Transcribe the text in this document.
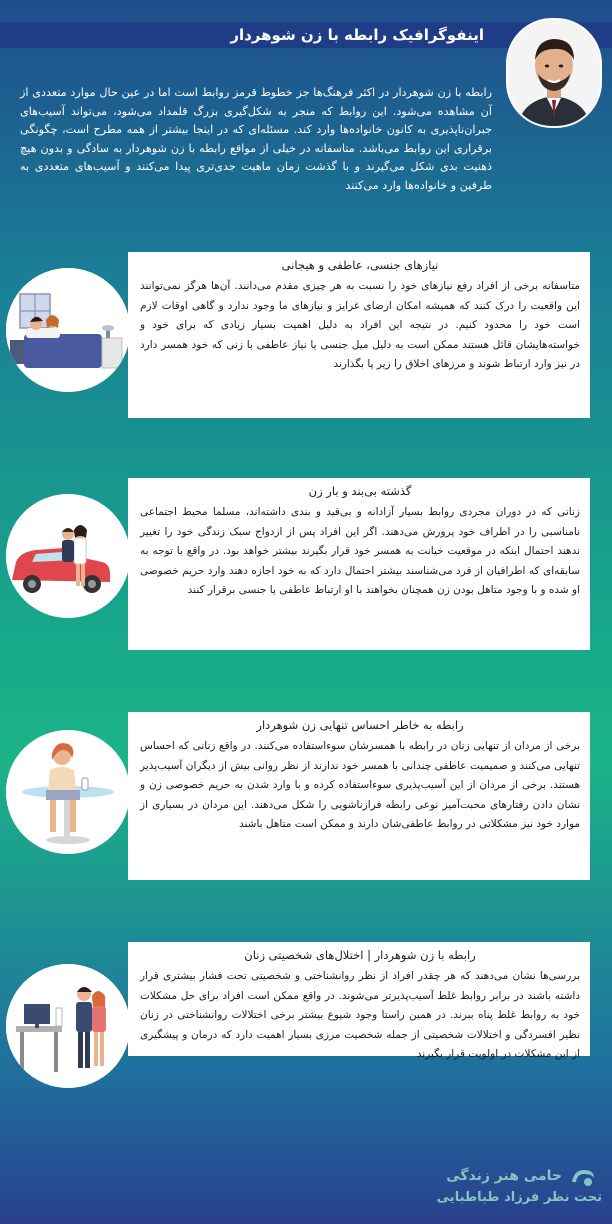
اینفوگرافیک رابطه با زن شوهردار
رابطه با زن شوهردار در اکثر فرهنگ‌ها جز خطوط قرمز روابط است اما در عین حال موارد متعددی از آن مشاهده می‌شود. این روابط که منجر به شکل‌گیری بزرگ قلمداد می‌شود، می‌تواند آسیب‌های جبران‌ناپذیری به کانون خانواده‌ها وارد کند. مسئله‌ای که در اینجا بیشتر از همه مطرح است، چگونگی برقراری این روابط می‌باشد. متاسفانه در خیلی از مواقع رابطه با زن شوهردار به سادگی و بدون هیچ ذهنیت بدی شکل می‌گیرند و با گذشت زمان ماهیت جدی‌تری پیدا می‌کنند و آسیب‌های متعددی به طرفین و خانواده‌ها وارد می‌کنند
نیازهای جنسی، عاطفی و هیجانی
متاسفانه برخی از افراد رفع نیازهای خود را نسبت به هر چیزی مقدم می‌دانند. آن‌ها هرگز نمی‌توانند این واقعیت را درک کنند که همیشه امکان ارضای غرایز و نیازهای ما وجود ندارد و گاهی اوقات لازم است خود را محدود کنیم. در نتیجه این افراد به دلیل اهمیت بسیار زیادی که برای خود و خواسته‌هایشان قائل هستند ممکن است به دلیل میل جنسی یا نیاز عاطفی با زنی که خود همسر دارد در نیز وارد ارتباط شوند و مرزهای اخلاق را زیر پا بگذارند
گذشته بی‌بند و بار زن
زنانی که در دوران مجردی روابط بسیار آزادانه و بی‌قید و بندی داشته‌اند، مسلما محیط اجتماعی نامناسبی را در اطراف خود پرورش می‌دهند. اگر این افراد پس از ازدواج سبک زندگی خود را تغییر ندهند احتمال اینکه در موقعیت خیانت به همسر خود قرار بگیرند بیشتر خواهد بود. در واقع با توجه به سابقه‌ای که اطرافیان از فرد می‌شناسند بیشتر احتمال دارد که به خود اجازه دهند وارد حریم خصوصی او شده و با وجود متاهل بودن زن همچنان بخواهند با او ارتباط عاطفی یا جنسی برقرار کنند
رابطه به خاطر احساس تنهایی زن شوهردار
برخی از مردان از تنهایی زنان در رابطه با همسرشان سوءاستفاده می‌کنند. در واقع زنانی که احساس تنهایی می‌کنند و صمیمیت عاطفی چندانی با همسر خود ندارند از نظر روانی بیش از دیگران آسیب‌پذیر هستند. برخی از مردان از این آسیب‌پذیری سوءاستفاده کرده و با وارد شدن به حریم خصوصی زن و نشان دادن رفتارهای محبت‌آمیز نوعی رابطه فرازناشویی را شکل می‌دهند. این مردان در بسیاری از موارد خود نیز مشکلاتی در روابط عاطفی‌شان دارند و ممکن است متاهل باشند
رابطه با زن شوهردار | اختلال‌های شخصیتی زنان
بررسی‌ها نشان می‌دهند که هر چقدر افراد از نظر روانشناختی و شخصیتی تحت فشار بیشتری قرار داشته باشند در برابر روابط غلط آسیب‌پذیرتر می‌شوند. در واقع ممکن است افراد برای حل مشکلات خود به روابط غلط پناه ببرند. در همین راستا وجود شیوع بیشتر برخی اختلالات روانشناختی در زنان نظیر افسردگی و اختلالات شخصیتی از جمله شخصیت مرزی بسیار اهمیت دارد که درمان و پیشگیری از این مشکلات در اولویت قرار بگیرند
حامی هنر زندگی
تحت نظر فرزاد طباطبایی
